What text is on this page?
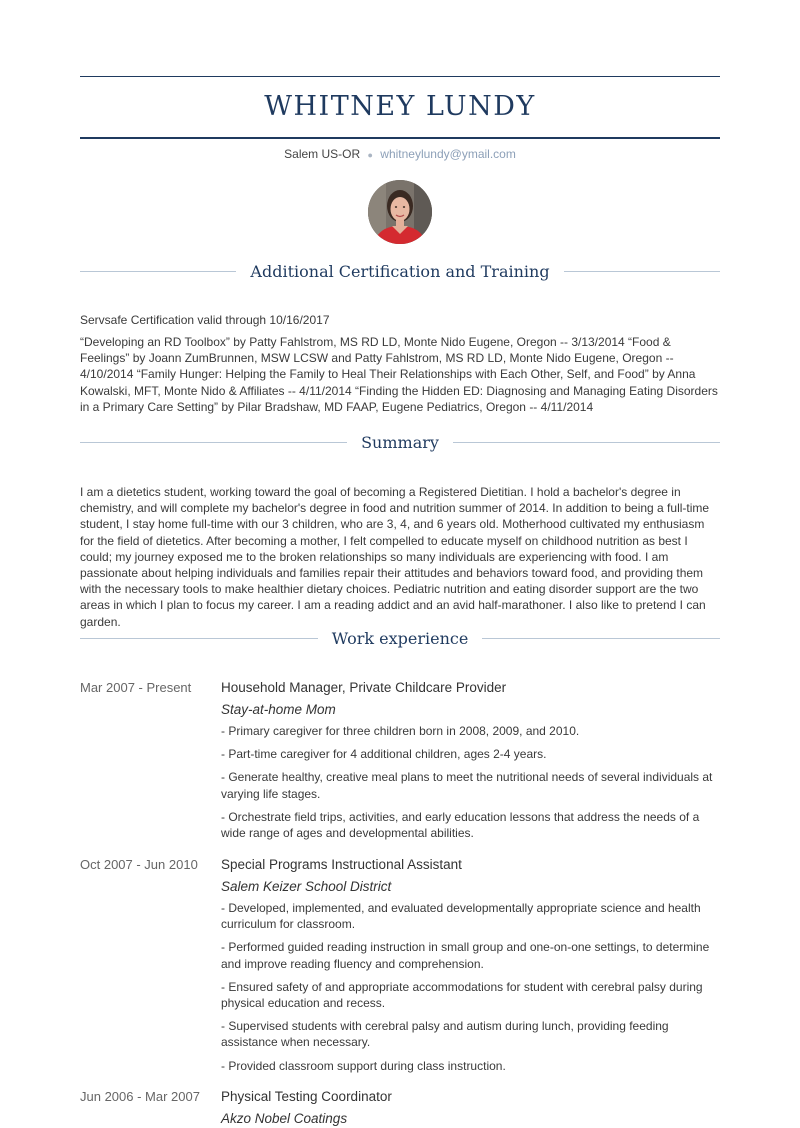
WHITNEY LUNDY
Salem US-OR ● whitneylundy@ymail.com
Additional Certification and Training

Servsafe Certification valid through 10/16/2017

“Developing an RD Toolbox” by Patty Fahlstrom, MS RD LD, Monte Nido Eugene, Oregon -- 3/13/2014 “Food & Feelings” by Joann ZumBrunnen, MSW LCSW and Patty Fahlstrom, MS RD LD, Monte Nido Eugene, Oregon -- 4/10/2014 “Family Hunger: Helping the Family to Heal Their Relationships with Each Other, Self, and Food” by Anna Kowalski, MFT, Monte Nido & Affiliates -- 4/11/2014 “Finding the Hidden ED: Diagnosing and Managing Eating Disorders in a Primary Care Setting” by Pilar Bradshaw, MD FAAP, Eugene Pediatrics, Oregon -- 4/11/2014

Summary

I am a dietetics student, working toward the goal of becoming a Registered Dietitian. I hold a bachelor's degree in chemistry, and will complete my bachelor's degree in food and nutrition summer of 2014. In addition to being a full-time student, I stay home full-time with our 3 children, who are 3, 4, and 6 years old. Motherhood cultivated my enthusiasm for the field of dietetics. After becoming a mother, I felt compelled to educate myself on childhood nutrition as best I could; my journey exposed me to the broken relationships so many individuals are experiencing with food. I am passionate about helping individuals and families repair their attitudes and behaviors toward food, and providing them with the necessary tools to make healthier dietary choices. Pediatric nutrition and eating disorder support are the two areas in which I plan to focus my career. I am a reading addict and an avid half-marathoner. I also like to pretend I can garden.

Work experience
Mar 2007 - Present Household Manager, Private Childcare Provider
Stay-at-home Mom
- Primary caregiver for three children born in 2008, 2009, and 2010.
- Part-time caregiver for 4 additional children, ages 2-4 years.
- Generate healthy, creative meal plans to meet the nutritional needs of several individuals at varying life stages.
- Orchestrate field trips, activities, and early education lessons that address the needs of a wide range of ages and developmental abilities.
Oct 2007 - Jun 2010 Special Programs Instructional Assistant
Salem Keizer School District
- Developed, implemented, and evaluated developmentally appropriate science and health curriculum for classroom.
- Performed guided reading instruction in small group and one-on-one settings, to determine and improve reading fluency and comprehension.
- Ensured safety of and appropriate accommodations for student with cerebral palsy during physical education and recess.
- Supervised students with cerebral palsy and autism during lunch, providing feeding assistance when necessary.
- Provided classroom support during class instruction.
Jun 2006 - Mar 2007 Physical Testing Coordinator
Akzo Nobel Coatings
